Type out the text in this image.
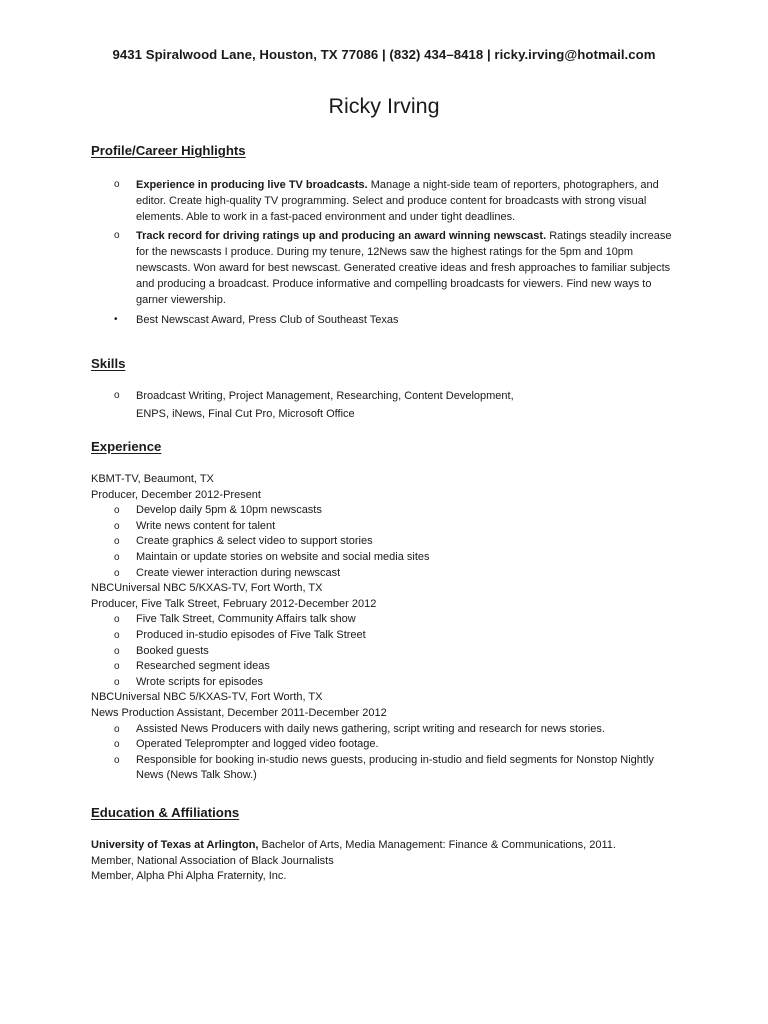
9431 Spiralwood Lane, Houston, TX 77086 | (832) 434–8418 | ricky.irving@hotmail.com
Ricky Irving
Profile/Career Highlights
o	Experience in producing live TV broadcasts. Manage a night-side team of reporters, photographers, and editor. Create high-quality TV programming. Select and produce content for broadcasts with strong visual elements. Able to work in a fast-paced environment and under tight deadlines.
o	Track record for driving ratings up and producing an award winning newscast. Ratings steadily increase for the newscasts I produce. During my tenure, 12News saw the highest ratings for the 5pm and 10pm newscasts. Won award for best newscast. Generated creative ideas and fresh approaches to familiar subjects and producing a broadcast. Produce informative and compelling broadcasts for viewers. Find new ways to garner viewership.
•	Best Newscast Award, Press Club of Southeast Texas
Skills
o	Broadcast Writing, Project Management, Researching, Content Development,
ENPS, iNews, Final Cut Pro, Microsoft Office
Experience
KBMT-TV, Beaumont, TX
Producer, December 2012-Present
o	Develop daily 5pm & 10pm newscasts
o	Write news content for talent
o	Create graphics & select video to support stories
o	Maintain or update stories on website and social media sites
o	Create viewer interaction during newscast
NBCUniversal NBC 5/KXAS-TV, Fort Worth, TX
Producer, Five Talk Street, February 2012-December 2012
o	Five Talk Street, Community Affairs talk show
o	Produced in-studio episodes of Five Talk Street
o	Booked guests
o	Researched segment ideas
o	Wrote scripts for episodes
NBCUniversal NBC 5/KXAS-TV, Fort Worth, TX
News Production Assistant, December 2011-December 2012
o	Assisted News Producers with daily news gathering, script writing and research for news stories.
o	Operated Teleprompter and logged video footage.
o	Responsible for booking in-studio news guests, producing in-studio and field segments for Nonstop Nightly News (News Talk Show.)
Education & Affiliations
University of Texas at Arlington, Bachelor of Arts, Media Management: Finance & Communications, 2011.
Member, National Association of Black Journalists
Member, Alpha Phi Alpha Fraternity, Inc.
